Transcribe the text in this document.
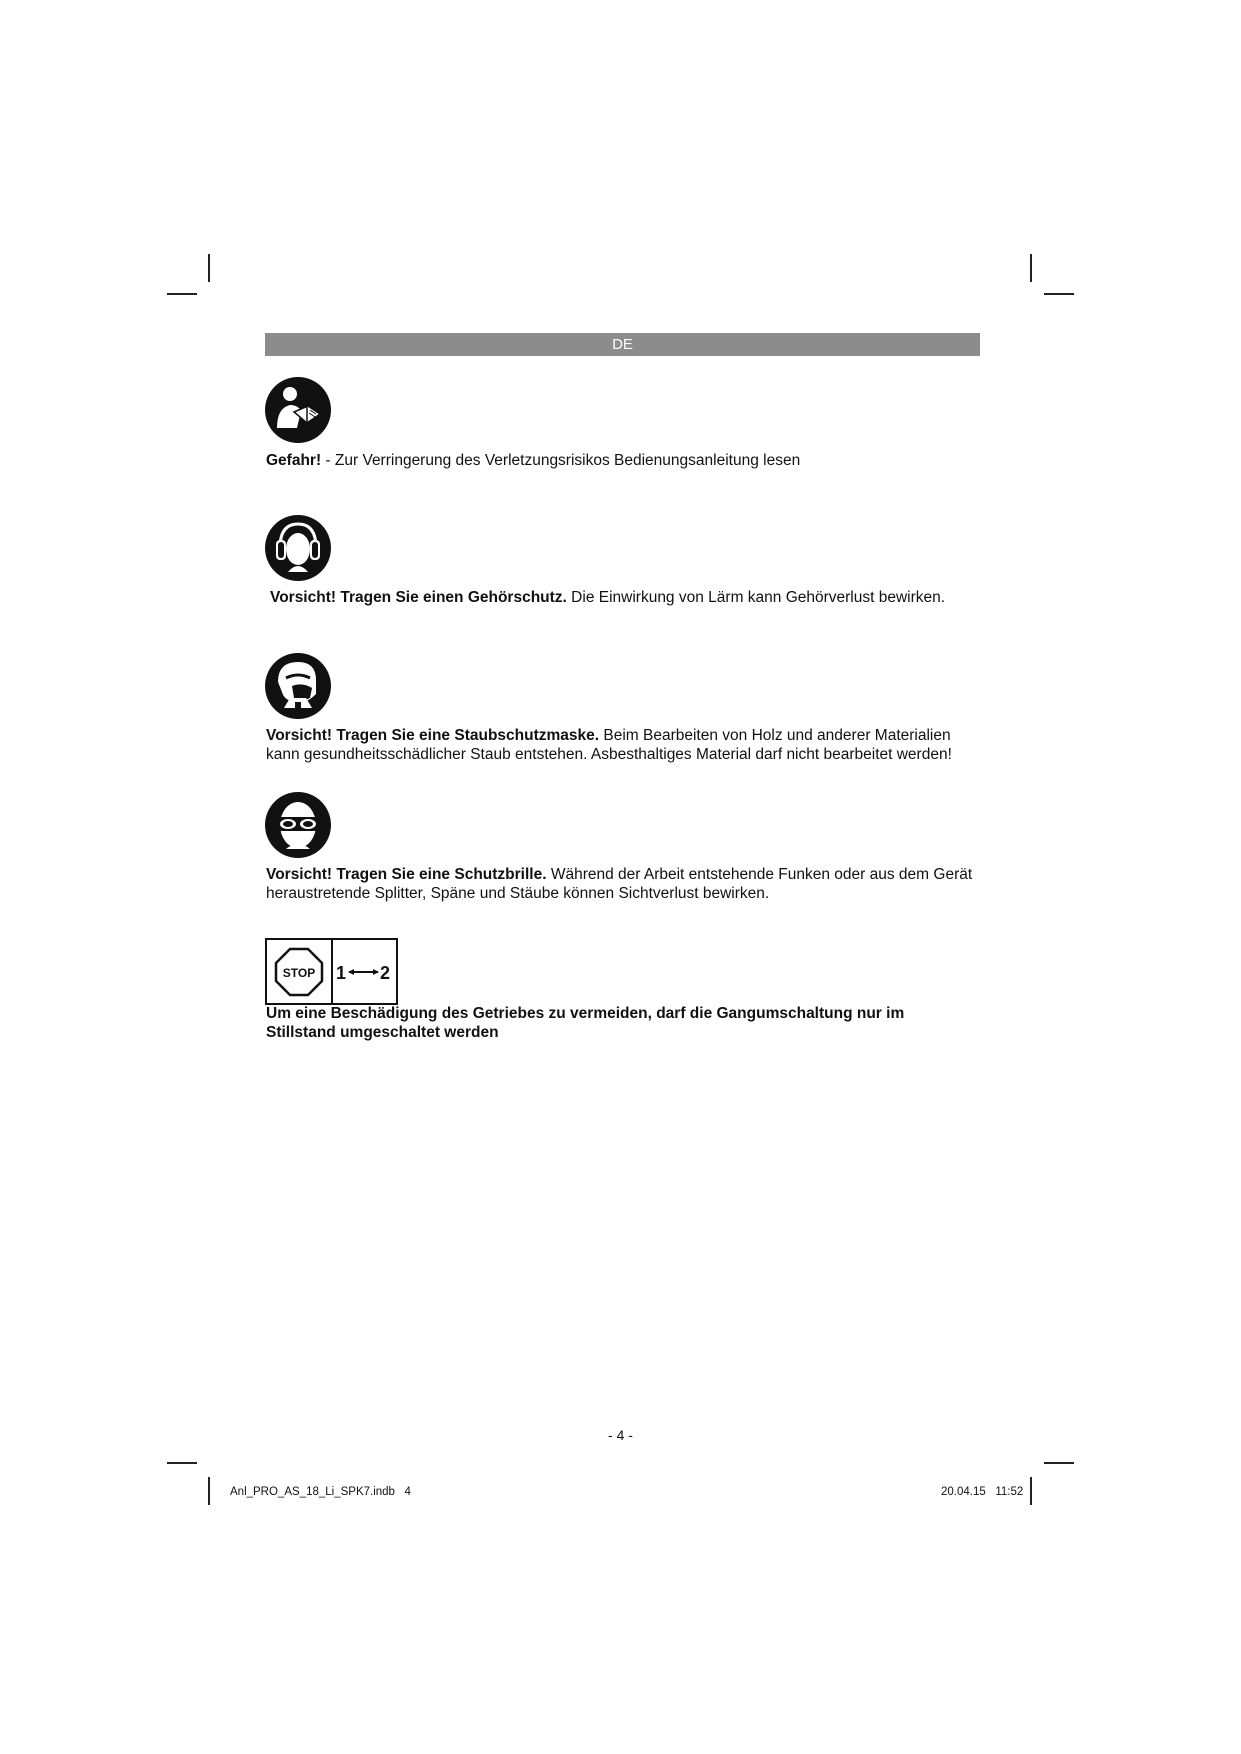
DE
Gefahr! - Zur Verringerung des Verletzungsrisikos Bedienungsanleitung lesen
Vorsicht! Tragen Sie einen Gehörschutz. Die Einwirkung von Lärm kann Gehörverlust bewirken.
Vorsicht! Tragen Sie eine Staubschutzmaske. Beim Bearbeiten von Holz und anderer Materialien kann gesundheitsschädlicher Staub entstehen. Asbesthaltiges Material darf nicht bearbeitet werden!
Vorsicht! Tragen Sie eine Schutzbrille. Während der Arbeit entstehende Funken oder aus dem Gerät heraustretende Splitter, Späne und Stäube können Sichtverlust bewirken.
STOP 1 2
Um eine Beschädigung des Getriebes zu vermeiden, darf die Gangumschaltung nur im Stillstand umgeschaltet werden
- 4 -
Anl_PRO_AS_18_Li_SPK7.indb   4	20.04.15   11:52
